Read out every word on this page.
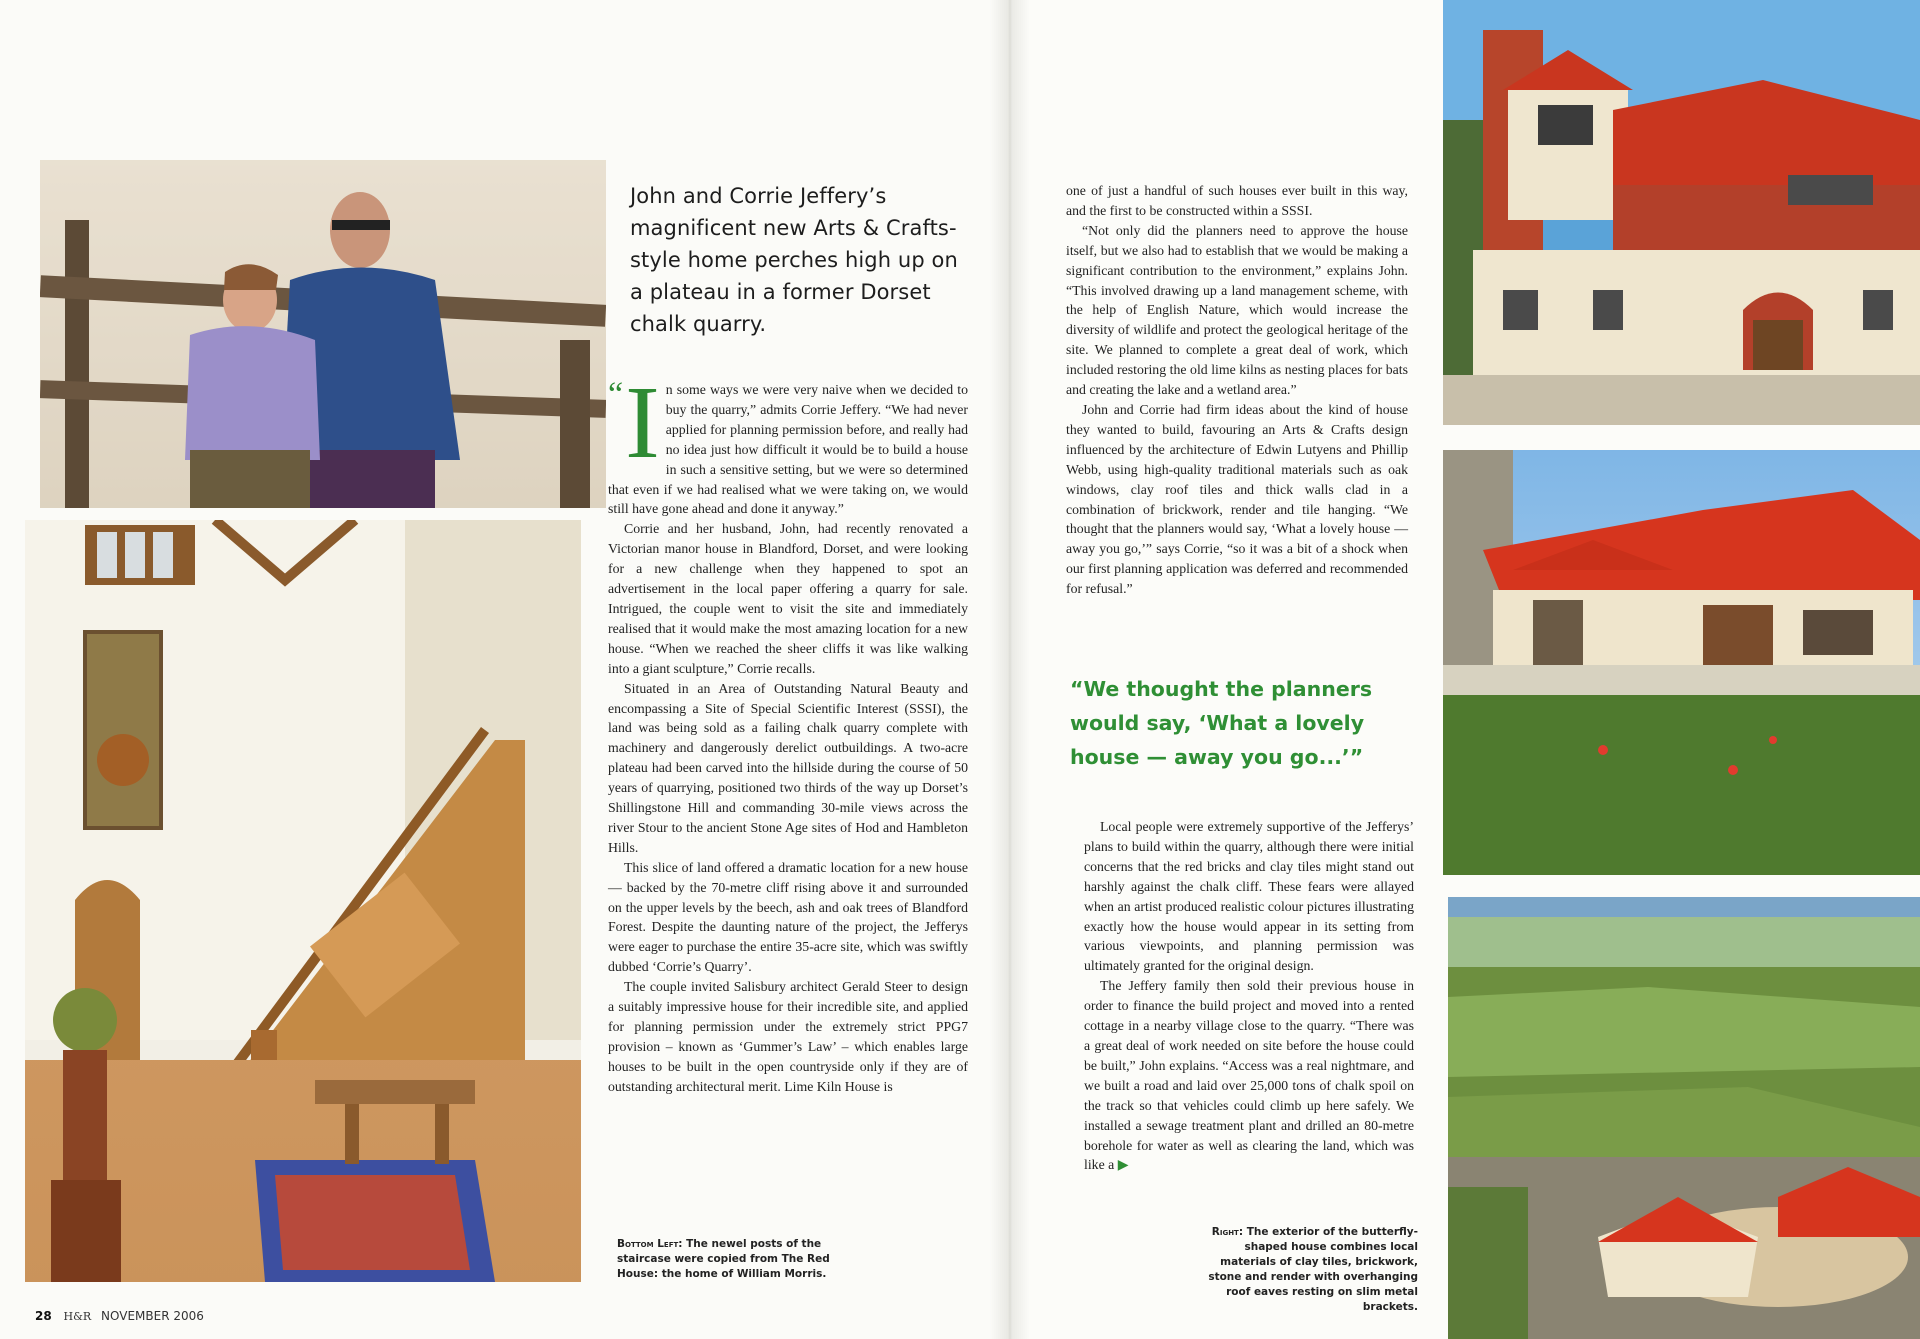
John and Corrie Jeffery’s magnificent new Arts & Crafts-style home perches high up on a plateau in a former Dorset chalk quarry.

“ I n some ways we were very naive when we decided to buy the quarry,” admits Corrie Jeffery. “We had never applied for planning permission before, and really had no idea just how difficult it would be to build a house in such a sensitive setting, but we were so determined that even if we had realised what we were taking on, we would still have gone ahead and done it anyway.”

Corrie and her husband, John, had recently renovated a Victorian manor house in Blandford, Dorset, and were looking for a new challenge when they happened to spot an advertisement in the local paper offering a quarry for sale. Intrigued, the couple went to visit the site and immediately realised that it would make the most amazing location for a new house. “When we reached the sheer cliffs it was like walking into a giant sculpture,” Corrie recalls.

Situated in an Area of Outstanding Natural Beauty and encompassing a Site of Special Scientific Interest (SSSI), the land was being sold as a failing chalk quarry complete with machinery and dangerously derelict outbuildings. A two-acre plateau had been carved into the hillside during the course of 50 years of quarrying, positioned two thirds of the way up Dorset’s Shillingstone Hill and commanding 30-mile views across the river Stour to the ancient Stone Age sites of Hod and Hambleton Hills.

This slice of land offered a dramatic location for a new house — backed by the 70-metre cliff rising above it and surrounded on the upper levels by the beech, ash and oak trees of Blandford Forest. Despite the daunting nature of the project, the Jefferys were eager to purchase the entire 35-acre site, which was swiftly dubbed ‘Corrie’s Quarry’.

The couple invited Salisbury architect Gerald Steer to design a suitably impressive house for their incredible site, and applied for planning permission under the extremely strict PPG7 provision – known as ‘Gummer’s Law’ – which enables large houses to be built in the open countryside only if they are of outstanding architectural merit. Lime Kiln House is

one of just a handful of such houses ever built in this way, and the first to be constructed within a SSSI.

“Not only did the planners need to approve the house itself, but we also had to establish that we would be making a significant contribution to the environment,” explains John. “This involved drawing up a land management scheme, with the help of English Nature, which would increase the diversity of wildlife and protect the geological heritage of the site. We planned to complete a great deal of work, which included restoring the old lime kilns as nesting places for bats and creating the lake and a wetland area.”

John and Corrie had firm ideas about the kind of house they wanted to build, favouring an Arts & Crafts design influenced by the architecture of Edwin Lutyens and Phillip Webb, using high-quality traditional materials such as oak windows, clay roof tiles and thick walls clad in a combination of brickwork, render and tile hanging. “We thought that the planners would say, ‘What a lovely house — away you go,’” says Corrie, “so it was a bit of a shock when our first planning application was deferred and recommended for refusal.”

“We thought the planners would say, ‘What a lovely house — away you go...’”

Local people were extremely supportive of the Jefferys’ plans to build within the quarry, although there were initial concerns that the red bricks and clay tiles might stand out harshly against the chalk cliff. These fears were allayed when an artist produced realistic colour pictures illustrating exactly how the house would appear in its setting from various viewpoints, and planning permission was ultimately granted for the original design.

The Jeffery family then sold their previous house in order to finance the build project and moved into a rented cottage in a nearby village close to the quarry. “There was a great deal of work needed on site before the house could be built,” John explains. “Access was a real nightmare, and we built a road and laid over 25,000 tons of chalk spoil on the track so that vehicles could climb up here safely. We installed a sewage treatment plant and drilled an 80-metre borehole for water as well as clearing the land, which was like a ▶

Bottom Left: The newel posts of the staircase were copied from The Red House: the home of William Morris.
Right: The exterior of the butterfly-shaped house combines local materials of clay tiles, brickwork, stone and render with overhanging roof eaves resting on slim metal brackets.
28 H&R NOVEMBER 2006
